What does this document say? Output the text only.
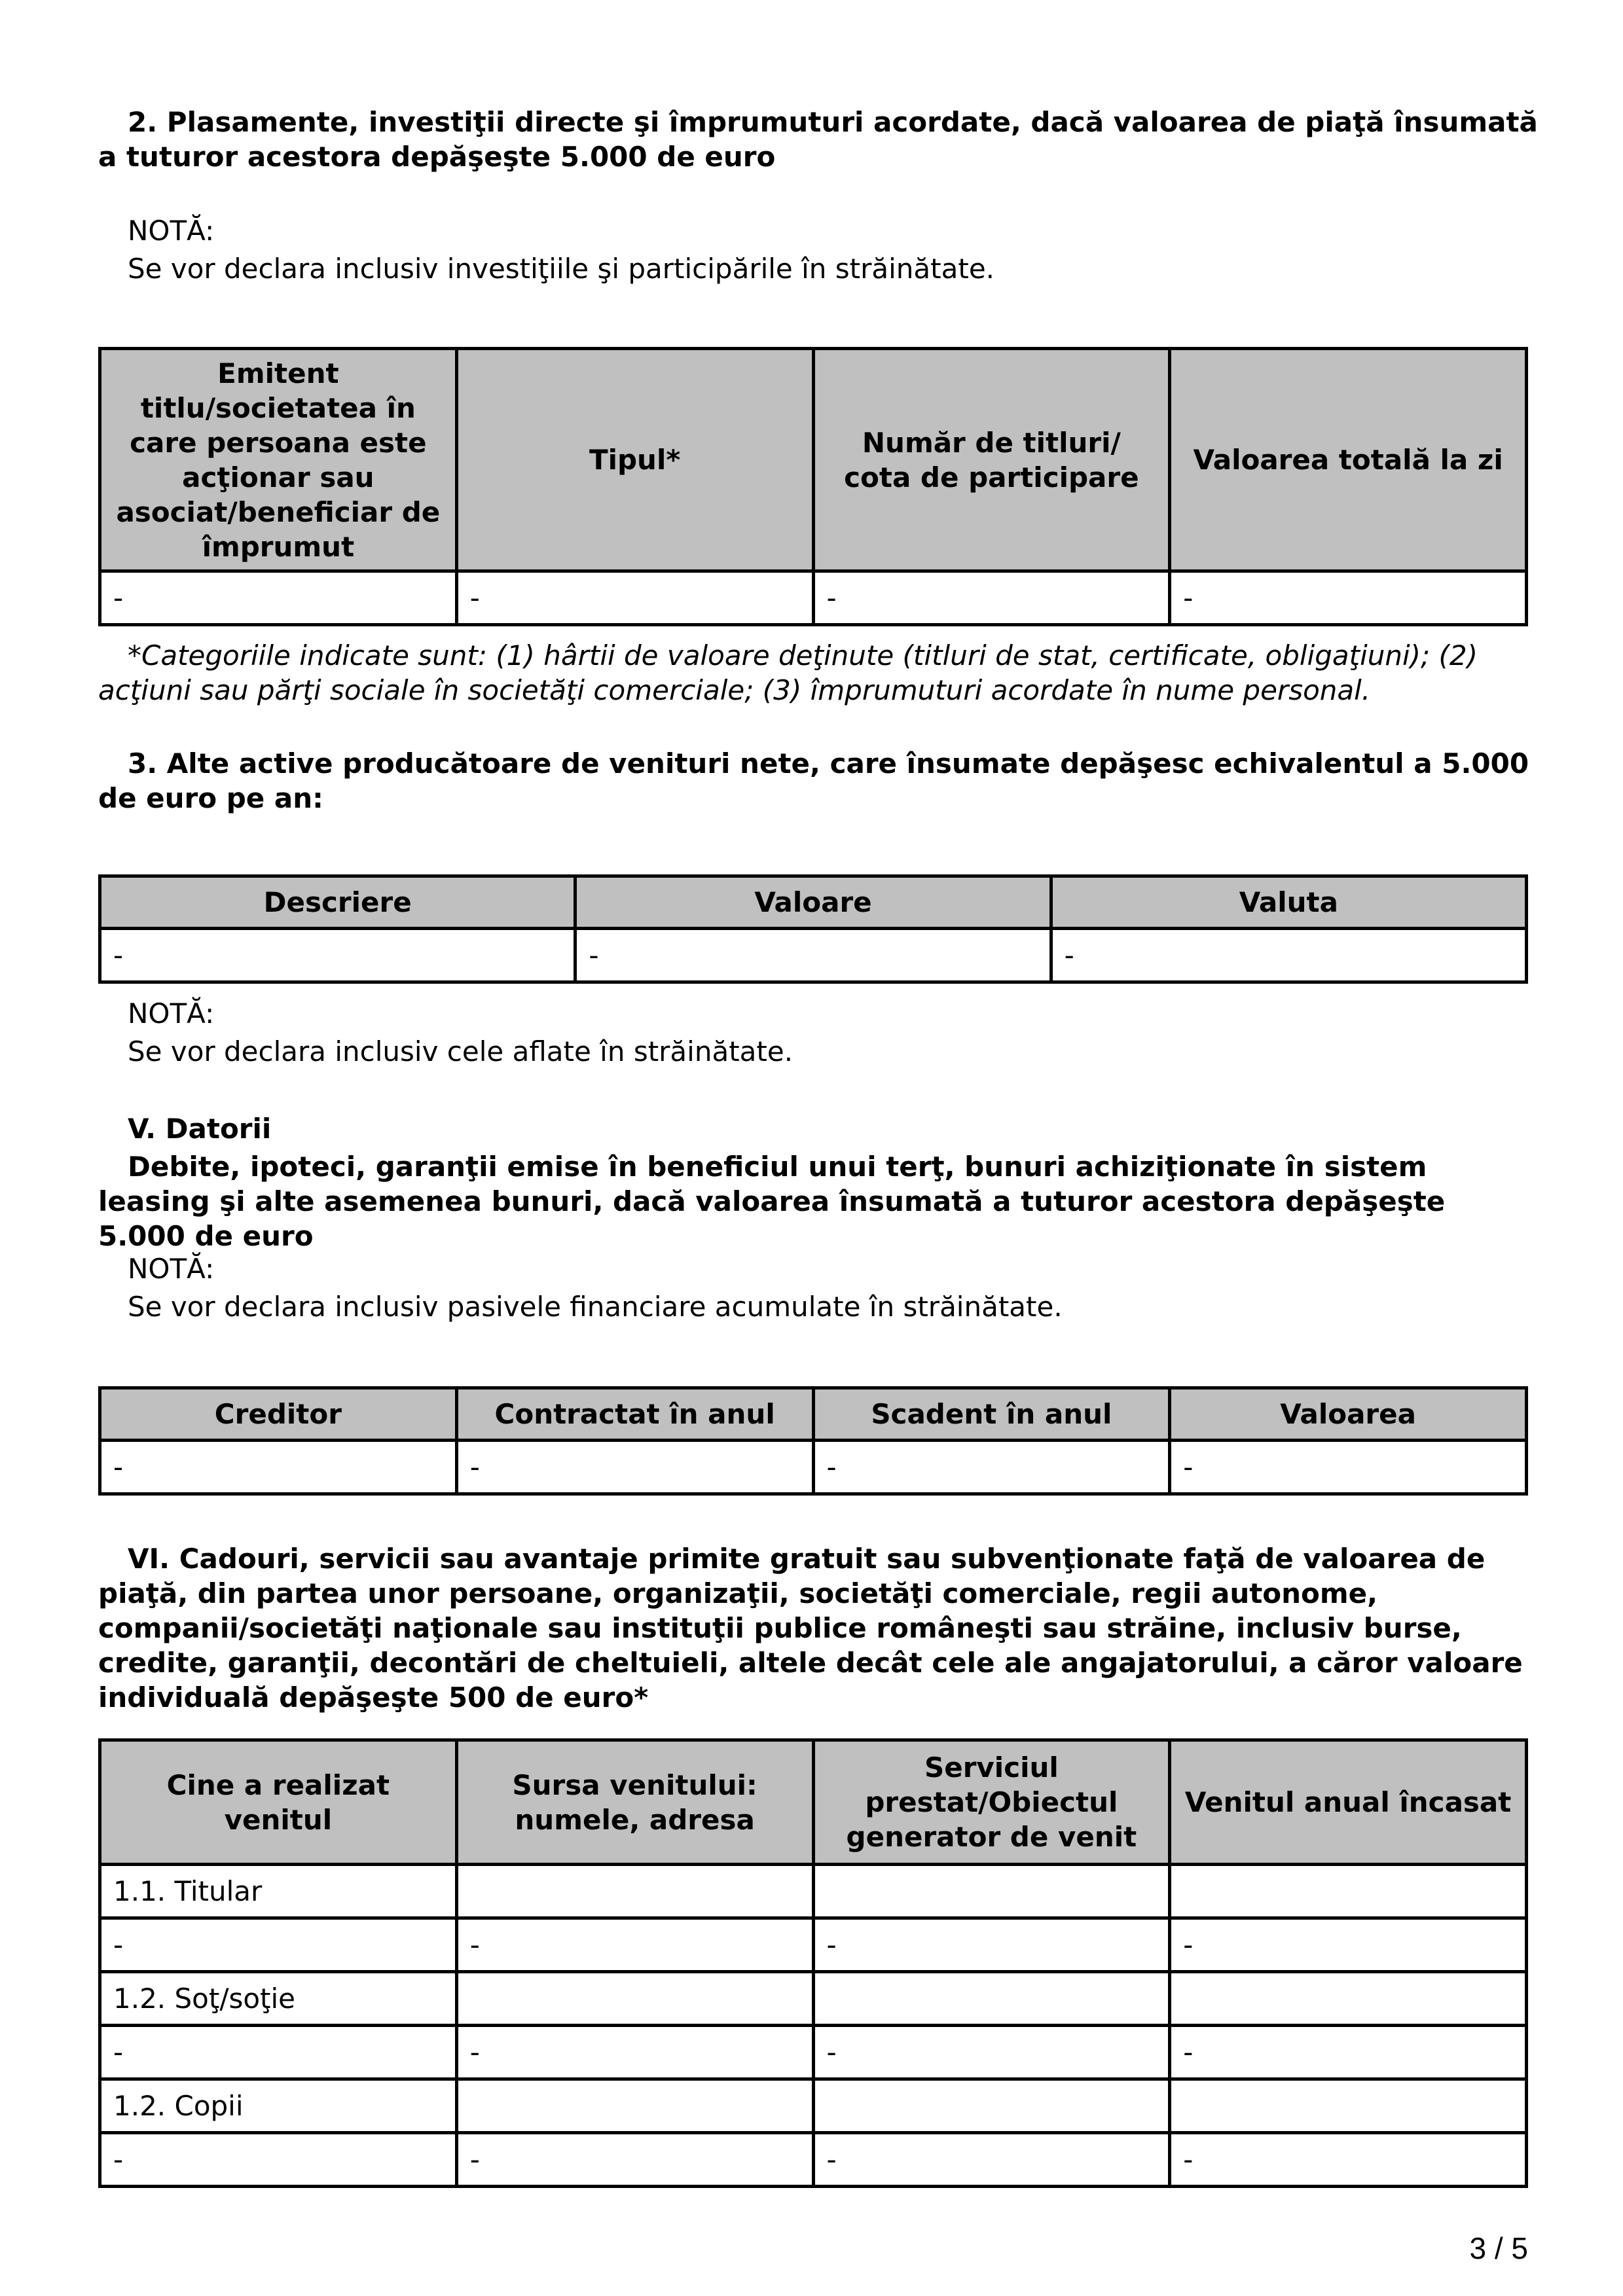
2. Plasamente, investiţii directe şi împrumuturi acordate, dacă valoarea de piaţă însumată a tuturor acestora depăşeşte 5.000 de euro
NOTĂ:
Se vor declara inclusiv investiţiile şi participările în străinătate.
Emitent titlu/societatea în care persoana este acţionar sau asociat/beneficiar de împrumut	Tipul*	Număr de titluri/ cota de participare	Valoarea totală la zi
-	-	-	-
*Categoriile indicate sunt: (1) hârtii de valoare deţinute (titluri de stat, certificate, obligaţiuni); (2) acţiuni sau părţi sociale în societăţi comerciale; (3) împrumuturi acordate în nume personal.
3. Alte active producătoare de venituri nete, care însumate depăşesc echivalentul a 5.000 de euro pe an:
Descriere	Valoare	Valuta
-	-	-
NOTĂ:
Se vor declara inclusiv cele aflate în străinătate.
V. Datorii
Debite, ipoteci, garanţii emise în beneficiul unui terţ, bunuri achiziţionate în sistem leasing şi alte asemenea bunuri, dacă valoarea însumată a tuturor acestora depăşeşte 5.000 de euro
NOTĂ:
Se vor declara inclusiv pasivele financiare acumulate în străinătate.
Creditor	Contractat în anul	Scadent în anul	Valoarea
-	-	-	-
VI. Cadouri, servicii sau avantaje primite gratuit sau subvenţionate faţă de valoarea de piaţă, din partea unor persoane, organizaţii, societăţi comerciale, regii autonome, companii/societăţi naţionale sau instituţii publice româneşti sau străine, inclusiv burse, credite, garanţii, decontări de cheltuieli, altele decât cele ale angajatorului, a căror valoare individuală depăşeşte 500 de euro*
Cine a realizat venitul	Sursa venitului: numele, adresa	Serviciul prestat/Obiectul generator de venit	Venitul anual încasat
1.1. Titular			
-	-	-	-
1.2. Soţ/soţie			
-	-	-	-
1.2. Copii			
-	-	-	-
3 / 5
